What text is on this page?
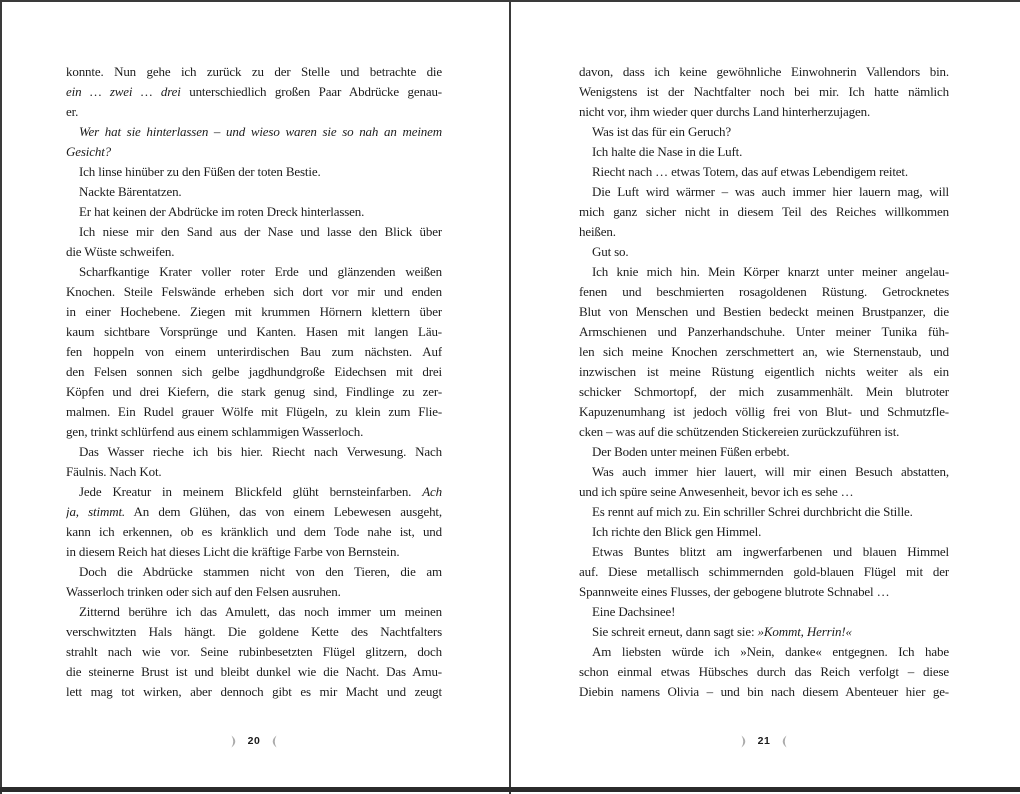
konnte. Nun gehe ich zurück zu der Stelle und betrachte die
ein … zwei … drei unterschiedlich großen Paar Abdrücke genau-
er.
Wer hat sie hinterlassen – und wieso waren sie so nah an meinem
Gesicht?
Ich linse hinüber zu den Füßen der toten Bestie.
Nackte Bärentatzen.
Er hat keinen der Abdrücke im roten Dreck hinterlassen.
Ich niese mir den Sand aus der Nase und lasse den Blick über
die Wüste schweifen.
Scharfkantige Krater voller roter Erde und glänzenden weißen
Knochen. Steile Felswände erheben sich dort vor mir und enden
in einer Hochebene. Ziegen mit krummen Hörnern klettern über
kaum sichtbare Vorsprünge und Kanten. Hasen mit langen Läu-
fen hoppeln von einem unterirdischen Bau zum nächsten. Auf
den Felsen sonnen sich gelbe jagdhundgroße Eidechsen mit drei
Köpfen und drei Kiefern, die stark genug sind, Findlinge zu zer-
malmen. Ein Rudel grauer Wölfe mit Flügeln, zu klein zum Flie-
gen, trinkt schlürfend aus einem schlammigen Wasserloch.
Das Wasser rieche ich bis hier. Riecht nach Verwesung. Nach
Fäulnis. Nach Kot.
Jede Kreatur in meinem Blickfeld glüht bernsteinfarben. Ach
ja, stimmt. An dem Glühen, das von einem Lebewesen ausgeht,
kann ich erkennen, ob es kränklich und dem Tode nahe ist, und
in diesem Reich hat dieses Licht die kräftige Farbe von Bernstein.
Doch die Abdrücke stammen nicht von den Tieren, die am
Wasserloch trinken oder sich auf den Felsen ausruhen.
Zitternd berühre ich das Amulett, das noch immer um meinen
verschwitzten Hals hängt. Die goldene Kette des Nachtfalters
strahlt nach wie vor. Seine rubinbesetzten Flügel glitzern, doch
die steinerne Brust ist und bleibt dunkel wie die Nacht. Das Amu-
lett mag tot wirken, aber dennoch gibt es mir Macht und zeugt
davon, dass ich keine gewöhnliche Einwohnerin Vallendors bin.
Wenigstens ist der Nachtfalter noch bei mir. Ich hatte nämlich
nicht vor, ihm wieder quer durchs Land hinterherzujagen.
Was ist das für ein Geruch?
Ich halte die Nase in die Luft.
Riecht nach … etwas Totem, das auf etwas Lebendigem reitet.
Die Luft wird wärmer – was auch immer hier lauern mag, will
mich ganz sicher nicht in diesem Teil des Reiches willkommen
heißen.
Gut so.
Ich knie mich hin. Mein Körper knarzt unter meiner angelau-
fenen und beschmierten rosagoldenen Rüstung. Getrocknetes
Blut von Menschen und Bestien bedeckt meinen Brustpanzer, die
Armschienen und Panzerhandschuhe. Unter meiner Tunika füh-
len sich meine Knochen zerschmettert an, wie Sternenstaub, und
inzwischen ist meine Rüstung eigentlich nichts weiter als ein
schicker Schmortopf, der mich zusammenhält. Mein blutroter
Kapuzenumhang ist jedoch völlig frei von Blut- und Schmutzfle-
cken – was auf die schützenden Stickereien zurückzuführen ist.
Der Boden unter meinen Füßen erbebt.
Was auch immer hier lauert, will mir einen Besuch abstatten,
und ich spüre seine Anwesenheit, bevor ich es sehe …
Es rennt auf mich zu. Ein schriller Schrei durchbricht die Stille.
Ich richte den Blick gen Himmel.
Etwas Buntes blitzt am ingwerfarbenen und blauen Himmel
auf. Diese metallisch schimmernden gold-blauen Flügel mit der
Spannweite eines Flusses, der gebogene blutrote Schnabel …
Eine Dachsinee!
Sie schreit erneut, dann sagt sie: »Kommt, Herrin!«
Am liebsten würde ich »Nein, danke« entgegnen. Ich habe
schon einmal etwas Hübsches durch das Reich verfolgt – diese
Diebin namens Olivia – und bin nach diesem Abenteuer hier ge-
20	21
